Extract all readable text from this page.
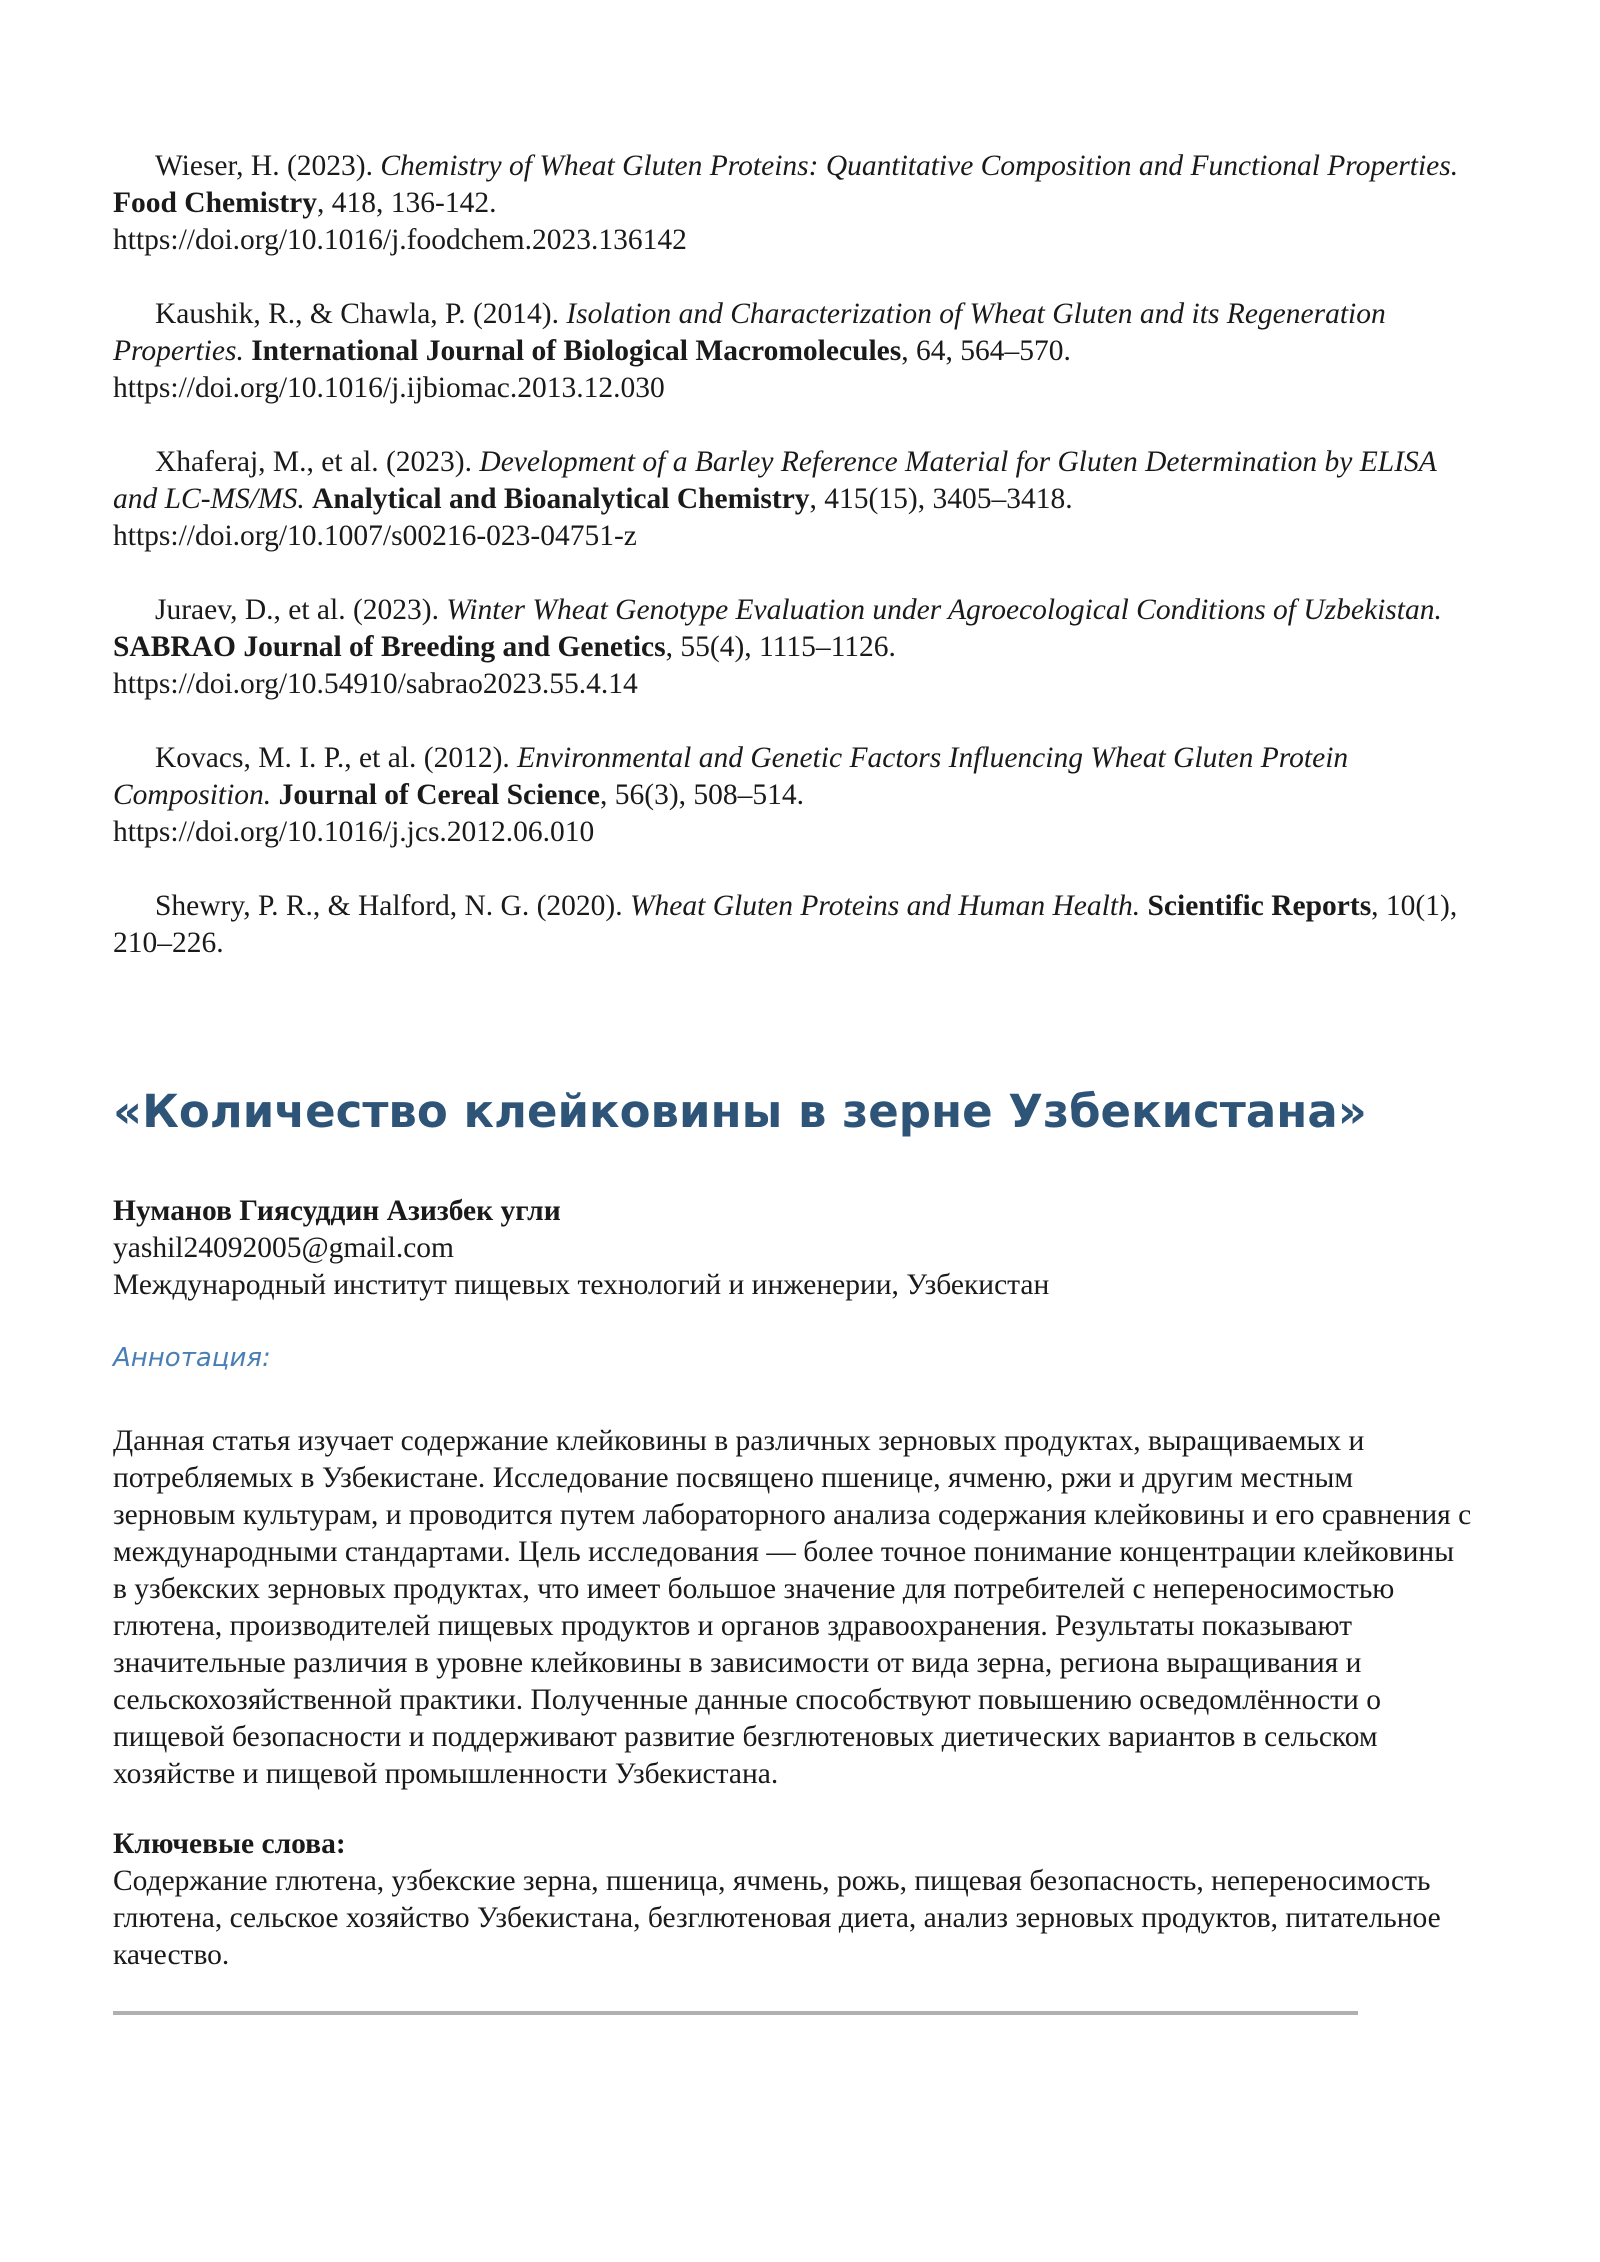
Wieser, H. (2023). Chemistry of Wheat Gluten Proteins: Quantitative Composition and Functional Properties. Food Chemistry, 418, 136-142.
https://doi.org/10.1016/j.foodchem.2023.136142

Kaushik, R., & Chawla, P. (2014). Isolation and Characterization of Wheat Gluten and its Regeneration Properties. International Journal of Biological Macromolecules, 64, 564–570.
https://doi.org/10.1016/j.ijbiomac.2013.12.030

Xhaferaj, M., et al. (2023). Development of a Barley Reference Material for Gluten Determination by ELISA and LC-MS/MS. Analytical and Bioanalytical Chemistry, 415(15), 3405–3418.
https://doi.org/10.1007/s00216-023-04751-z

Juraev, D., et al. (2023). Winter Wheat Genotype Evaluation under Agroecological Conditions of Uzbekistan. SABRAO Journal of Breeding and Genetics, 55(4), 1115–1126.
https://doi.org/10.54910/sabrao2023.55.4.14

Kovacs, M. I. P., et al. (2012). Environmental and Genetic Factors Influencing Wheat Gluten Protein Composition. Journal of Cereal Science, 56(3), 508–514.
https://doi.org/10.1016/j.jcs.2012.06.010

Shewry, P. R., & Halford, N. G. (2020). Wheat Gluten Proteins and Human Health. Scientific Reports, 10(1), 210–226.

«Количество клейковины в зерне Узбекистана»
Нуманов Гиясуддин Азизбек угли
yashil24092005@gmail.com
Международный институт пищевых технологий и инженерии, Узбекистан
Аннотация:

Данная статья изучает содержание клейковины в различных зерновых продуктах, выращиваемых и потребляемых в Узбекистане. Исследование посвящено пшенице, ячменю, ржи и другим местным зерновым культурам, и проводится путем лабораторного анализа содержания клейковины и его сравнения с международными стандартами. Цель исследования — более точное понимание концентрации клейковины в узбекских зерновых продуктах, что имеет большое значение для потребителей с непереносимостью глютена, производителей пищевых продуктов и органов здравоохранения. Результаты показывают значительные различия в уровне клейковины в зависимости от вида зерна, региона выращивания и сельскохозяйственной практики. Полученные данные способствуют повышению осведомлённости о пищевой безопасности и поддерживают развитие безглютеновых диетических вариантов в сельском хозяйстве и пищевой промышленности Узбекистана.

Ключевые слова:
Содержание глютена, узбекские зерна, пшеница, ячмень, рожь, пищевая безопасность, непереносимость глютена, сельское хозяйство Узбекистана, безглютеновая диета, анализ зерновых продуктов, питательное качество.
